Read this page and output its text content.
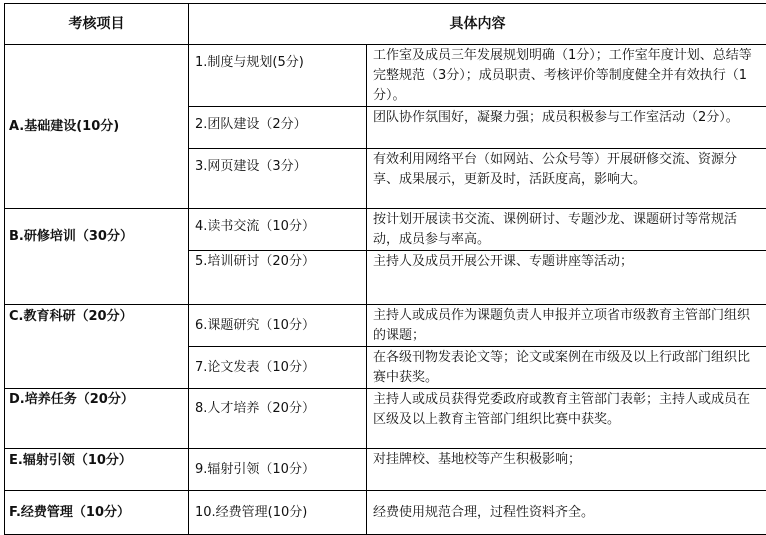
考核项目	具体内容	
A.基础建设(10分)	1.制度与规划(5分)	工作室及成员三年发展规划明确（1分）；工作室年度计划、总结等完整规范（3分）；成员职责、考核评价等制度健全并有效执行（1分）。
	2.团队建设（2分）	团队协作氛围好，凝聚力强；成员积极参与工作室活动（2分）。
	3.网页建设（3分）	有效利用网络平台（如网站、公众号等）开展研修交流、资源分享、成果展示，更新及时，活跃度高，影响大。
B.研修培训（30分）	4.读书交流（10分）	按计划开展读书交流、课例研讨、专题沙龙、课题研讨等常规活动，成员参与率高。
	5.培训研讨（20分）	主持人及成员开展公开课、专题讲座等活动；
C.教育科研（20分）	6.课题研究（10分）	主持人或成员作为课题负责人申报并立项省市级教育主管部门组织的课题；
	7.论文发表（10分）	在各级刊物发表论文等；论文或案例在市级及以上行政部门组织比赛中获奖。
D.培养任务（20分）	8.人才培养（20分）	主持人或成员获得党委政府或教育主管部门表彰；主持人或成员在区级及以上教育主管部门组织比赛中获奖。
E.辐射引领（10分）	9.辐射引领（10分）	对挂牌校、基地校等产生积极影响；
F.经费管理（10分）	10.经费管理(10分)	经费使用规范合理，过程性资料齐全。
